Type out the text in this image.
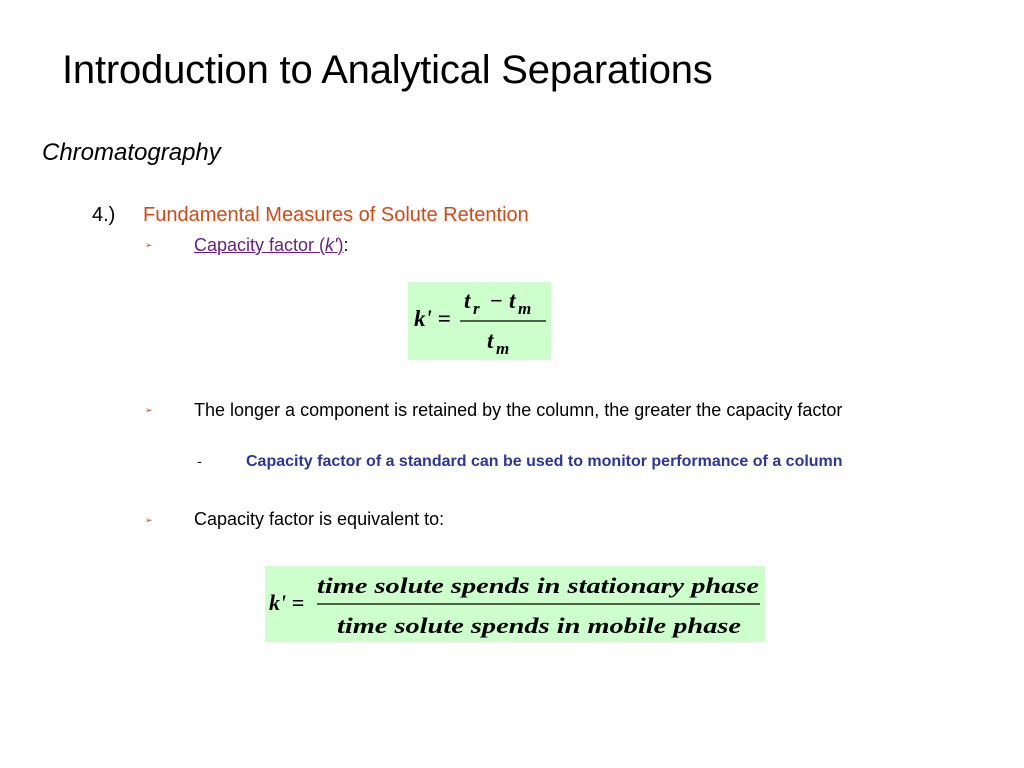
Introduction to Analytical Separations
Chromatography
4.) Fundamental Measures of Solute Retention
➢ Capacity factor (k'):
k' =
t r − t m
t m
➢ The longer a component is retained by the column, the greater the capacity factor
-	Capacity factor of a standard can be used to monitor performance of a column
➢ Capacity factor is equivalent to:
k' =
time solute spends in stationary phase
time solute spends in mobile phase
